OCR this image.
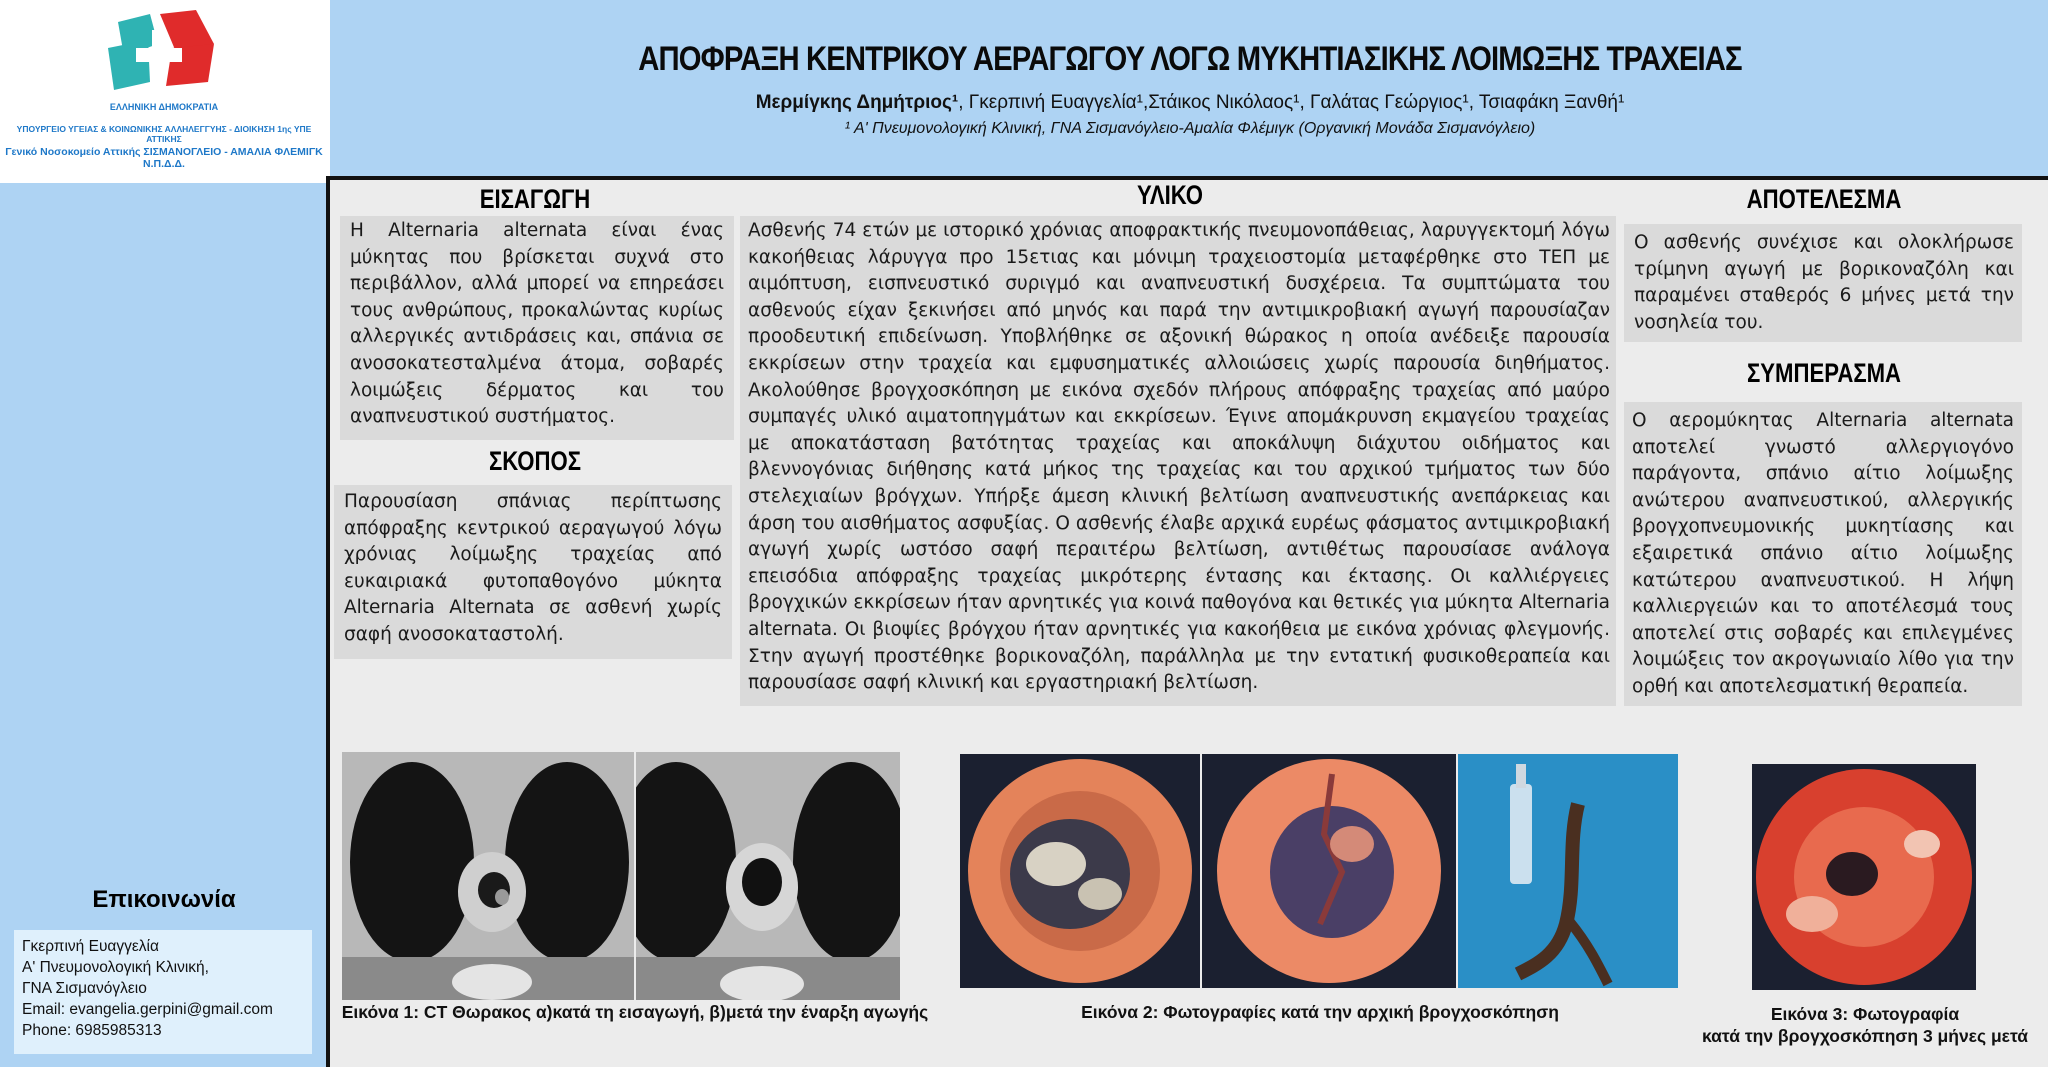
ΕΛΛΗΝΙΚΗ ΔΗΜΟΚΡΑΤΙΑ
ΥΠΟΥΡΓΕΙΟ ΥΓΕΙΑΣ & ΚΟΙΝΩΝΙΚΗΣ ΑΛΛΗΛΕΓΓΥΗΣ - ΔΙΟΙΚΗΣΗ 1ης ΥΠΕ ΑΤΤΙΚΗΣ
Γενικό Νοσοκομείο Αττικής ΣΙΣΜΑΝΟΓΛΕΙΟ - ΑΜΑΛΙΑ ΦΛΕΜΙΓΚ Ν.Π.Δ.Δ.
ΑΠΟΦΡΑΞΗ ΚΕΝΤΡΙΚΟΥ ΑΕΡΑΓΩΓΟΥ ΛΟΓΩ ΜΥΚΗΤΙΑΣΙΚΗΣ ΛΟΙΜΩΞΗΣ ΤΡΑΧΕΙΑΣ
Μερμίγκης Δημήτριος¹, Γκερπινή Ευαγγελία¹,Στάικος Νικόλαος¹, Γαλάτας Γεώργιος¹, Τσιαφάκη Ξανθή¹
¹ Α' Πνευμονολογική Κλινική, ΓΝΑ Σισμανόγλειο-Αμαλία Φλέμιγκ (Οργανική Μονάδα Σισμανόγλειο)
ΕΙΣΑΓΩΓΗ
Η Alternaria alternata είναι ένας μύκητας που βρίσκεται συχνά στο περιβάλλον, αλλά μπορεί να επηρεάσει τους ανθρώπους, προκαλώντας κυρίως αλλεργικές αντιδράσεις και, σπάνια σε ανοσοκατεσταλμένα άτομα, σοβαρές λοιμώξεις δέρματος και του αναπνευστικού συστήματος.
ΣΚΟΠΟΣ
Παρουσίαση σπάνιας περίπτωσης απόφραξης κεντρικού αεραγωγού λόγω χρόνιας λοίμωξης τραχείας από ευκαιριακά φυτοπαθογόνο μύκητα Alternaria Alternata σε ασθενή χωρίς σαφή ανοσοκαταστολή.
ΥΛΙΚΟ
Ασθενής 74 ετών με ιστορικό χρόνιας αποφρακτικής πνευμονοπάθειας, λαρυγγεκτομή λόγω κακοήθειας λάρυγγα προ 15ετιας και μόνιμη τραχειοστομία μεταφέρθηκε στο ΤΕΠ με αιμόπτυση, εισπνευστικό συριγμό και αναπνευστική δυσχέρεια. Τα συμπτώματα του ασθενούς είχαν ξεκινήσει από μηνός και παρά την αντιμικροβιακή αγωγή παρουσίαζαν προοδευτική επιδείνωση. Υποβλήθηκε σε αξονική θώρακος η οποία ανέδειξε παρουσία εκκρίσεων στην τραχεία και εμφυσηματικές αλλοιώσεις χωρίς παρουσία διηθήματος. Ακολούθησε βρογχοσκόπηση με εικόνα σχεδόν πλήρους απόφραξης τραχείας από μαύρο συμπαγές υλικό αιματοπηγμάτων και εκκρίσεων. Έγινε απομάκρυνση εκμαγείου τραχείας με αποκατάσταση βατότητας τραχείας και αποκάλυψη διάχυτου οιδήματος και βλεννογόνιας διήθησης κατά μήκος της τραχείας και του αρχικού τμήματος των δύο στελεχιαίων βρόγχων. Υπήρξε άμεση κλινική βελτίωση αναπνευστικής ανεπάρκειας και άρση του αισθήματος ασφυξίας. Ο ασθενής έλαβε αρχικά ευρέως φάσματος αντιμικροβιακή αγωγή χωρίς ωστόσο σαφή περαιτέρω βελτίωση, αντιθέτως παρουσίασε ανάλογα επεισόδια απόφραξης τραχείας μικρότερης έντασης και έκτασης. Οι καλλιέργειες βρογχικών εκκρίσεων ήταν αρνητικές για κοινά παθογόνα και θετικές για μύκητα Alternaria alternata. Οι βιοψίες βρόγχου ήταν αρνητικές για κακοήθεια με εικόνα χρόνιας φλεγμονής. Στην αγωγή προστέθηκε βορικοναζόλη, παράλληλα με την εντατική φυσικοθεραπεία και παρουσίασε σαφή κλινική και εργαστηριακή βελτίωση.
ΑΠΟΤΕΛΕΣΜΑ
Ο ασθενής συνέχισε και ολοκλήρωσε τρίμηνη αγωγή με βορικοναζόλη και παραμένει σταθερός 6 μήνες μετά την νοσηλεία του.
ΣΥΜΠΕΡΑΣΜΑ
Ο αερομύκητας Alternaria alternata αποτελεί γνωστό αλλεργιογόνο παράγοντα, σπάνιο αίτιο λοίμωξης ανώτερου αναπνευστικού, αλλεργικής βρογχοπνευμονικής μυκητίασης και εξαιρετικά σπάνιο αίτιο λοίμωξης κατώτερου αναπνευστικού. Η λήψη καλλιεργειών και το αποτέλεσμά τους αποτελεί στις σοβαρές και επιλεγμένες λοιμώξεις τον ακρογωνιαίο λίθο για την ορθή και αποτελεσματική θεραπεία.
Εικόνα 1: CT Θωρακος α)κατά τη εισαγωγή, β)μετά την έναρξη αγωγής	Εικόνα 2: Φωτογραφίες κατά την αρχική βρογχοσκόπηση	Εικόνα 3: Φωτογραφία
κατά την βρογχοσκόπηση 3 μήνες μετά
Επικοινωνία
Γκερπινή Ευαγγελία
Α' Πνευμονολογική Κλινική,
ΓΝΑ Σισμανόγλειο
Email: evangelia.gerpini@gmail.com
Phone: 6985985313
